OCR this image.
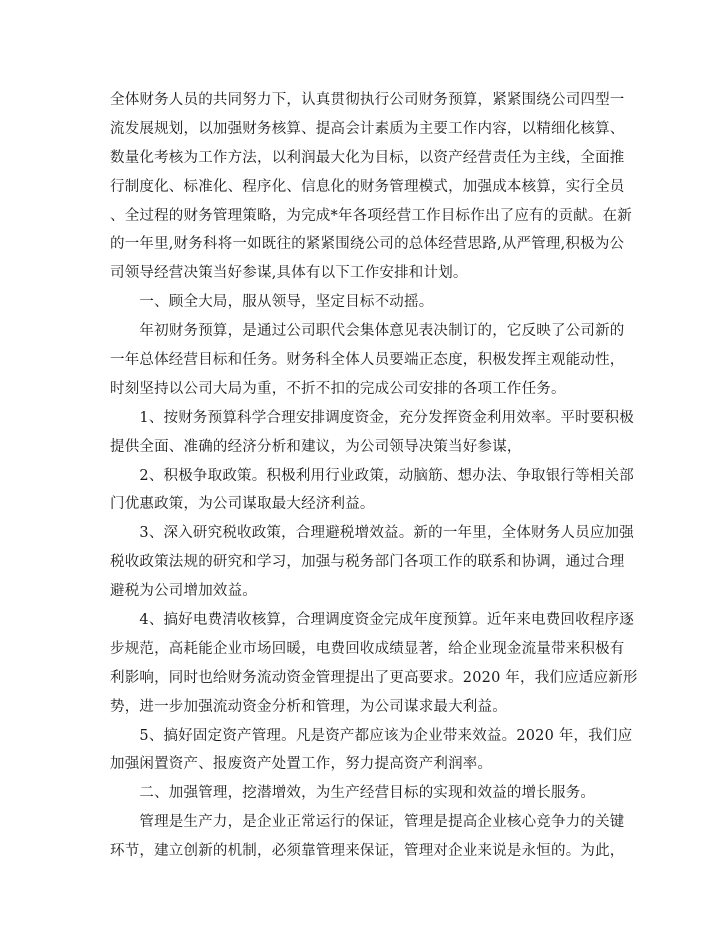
全体财务人员的共同努力下，认真贯彻执行公司财务预算，紧紧围绕公司四型一
流发展规划，以加强财务核算、提高会计素质为主要工作内容，以精细化核算、
数量化考核为工作方法，以利润最大化为目标，以资产经营责任为主线，全面推
行制度化、标准化、程序化、信息化的财务管理模式，加强成本核算，实行全员
、全过程的财务管理策略，为完成*年各项经营工作目标作出了应有的贡献。在新
的一年里,财务科将一如既往的紧紧围绕公司的总体经营思路,从严管理,积极为公
司领导经营决策当好参谋,具体有以下工作安排和计划。
　　一、顾全大局，服从领导，坚定目标不动摇。
　　年初财务预算，是通过公司职代会集体意见表决制订的，它反映了公司新的
一年总体经营目标和任务。财务科全体人员要端正态度，积极发挥主观能动性，
时刻坚持以公司大局为重，不折不扣的完成公司安排的各项工作任务。
　　1、按财务预算科学合理安排调度资金，充分发挥资金利用效率。平时要积极
提供全面、准确的经济分析和建议，为公司领导决策当好参谋，
　　2、积极争取政策。积极利用行业政策，动脑筋、想办法、争取银行等相关部
门优惠政策，为公司谋取最大经济利益。
　　3、深入研究税收政策，合理避税增效益。新的一年里，全体财务人员应加强
税收政策法规的研究和学习，加强与税务部门各项工作的联系和协调，通过合理
避税为公司增加效益。
　　4、搞好电费清收核算，合理调度资金完成年度预算。近年来电费回收程序逐
步规范，高耗能企业市场回暖，电费回收成绩显著，给企业现金流量带来积极有
利影响，同时也给财务流动资金管理提出了更高要求。2020 年，我们应适应新形
势，进一步加强流动资金分析和管理，为公司谋求最大利益。
　　5、搞好固定资产管理。凡是资产都应该为企业带来效益。2020 年，我们应
加强闲置资产、报废资产处置工作，努力提高资产利润率。
　　二、加强管理，挖潜增效，为生产经营目标的实现和效益的增长服务。
　　管理是生产力，是企业正常运行的保证，管理是提高企业核心竞争力的关键
环节，建立创新的机制，必须靠管理来保证，管理对企业来说是永恒的。为此，
